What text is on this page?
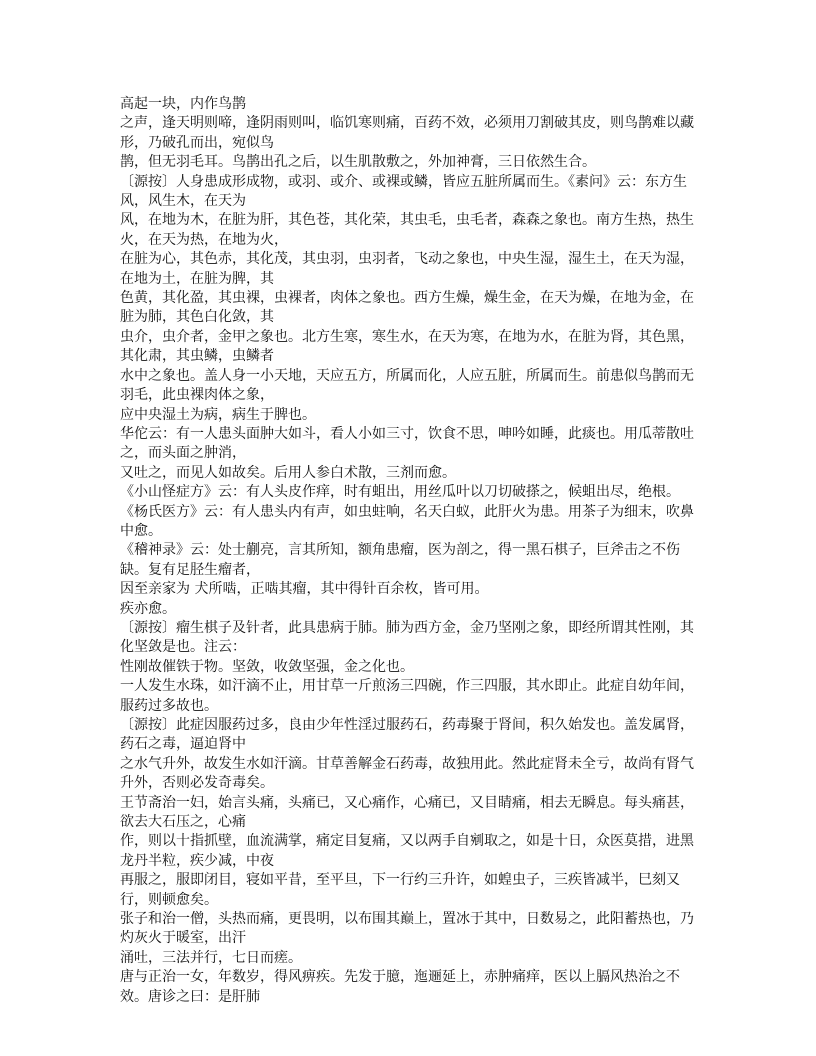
高起一块，内作鸟鹊

之声，逢天明则啼，逢阴雨则叫，临饥寒则痛，百药不效，必须用刀割破其皮，则鸟鹊难以藏形，乃破孔而出，宛似鸟

鹊，但无羽毛耳。鸟鹊出孔之后，以生肌散敷之，外加神膏，三日依然生合。

〔源按〕人身患成形成物，或羽、或介、或裸或鳞，皆应五脏所属而生。《素问》云：东方生风，风生木，在天为

风，在地为木，在脏为肝，其色苍，其化荣，其虫毛，虫毛者，森森之象也。南方生热，热生火，在天为热，在地为火，

在脏为心，其色赤，其化茂，其虫羽，虫羽者，飞动之象也，中央生湿，湿生土，在天为湿，在地为土，在脏为脾，其

色黄，其化盈，其虫裸，虫裸者，肉体之象也。西方生燥，燥生金，在天为燥，在地为金，在脏为肺，其色白化敛，其

虫介，虫介者，金甲之象也。北方生寒，寒生水，在天为寒，在地为水，在脏为肾，其色黑，其化肃，其虫鳞，虫鳞者

水中之象也。盖人身一小天地，天应五方，所属而化，人应五脏，所属而生。前患似鸟鹊而无羽毛，此虫裸肉体之象，

应中央湿土为病，病生于脾也。

华佗云：有一人患头面肿大如斗，看人小如三寸，饮食不思，呻吟如睡，此痰也。用瓜蒂散吐之，而头面之肿消，

又吐之，而见人如故矣。后用人参白术散，三剂而愈。

《小山怪症方》云：有人头皮作痒，时有蛆出，用丝瓜叶以刀切破搽之，候蛆出尽，绝根。

《杨氏医方》云：有人患头内有声，如虫蛀响，名天白蚁，此肝火为患。用茶子为细末，吹鼻中愈。

《稽神录》云：处士蒯亮，言其所知，额角患瘤，医为剖之，得一黑石棋子，巨斧击之不伤缺。复有足胫生瘤者，

因至亲家为 犬所啮，正啮其瘤，其中得针百余枚，皆可用。

疾亦愈。

〔源按〕瘤生棋子及针者，此具患病于肺。肺为西方金，金乃坚刚之象，即经所谓其性刚，其化坚敛是也。注云：

性刚故催铁于物。坚敛，收敛坚强，金之化也。

一人发生水珠，如汗滴不止，用甘草一斤煎汤三四碗，作三四服，其水即止。此症自幼年间，服药过多故也。

〔源按〕此症因服药过多，良由少年性淫过服药石，药毒聚于肾间，积久始发也。盖发属肾，药石之毒，逼迫肾中

之水气升外，故发生水如汗滴。甘草善解金石药毒，故独用此。然此症肾未全亏，故尚有肾气升外，否则必发奇毒矣。

王节斋治一妇，始言头痛，头痛已，又心痛作，心痛已，又目睛痛，相去无瞬息。每头痛甚，欲去大石压之，心痛

作，则以十指抓壁，血流满掌，痛定目复痛，又以两手自剜取之，如是十日，众医莫措，进黑龙丹半粒，疾少减，中夜

再服之，服即闭目，寝如平昔，至平旦，下一行约三升许，如蝗虫子，三疾皆减半，巳刻又行，则顿愈矣。

张子和治一僧，头热而痛，更畏明，以布围其巅上，置冰于其中，日数易之，此阳蓄热也，乃灼灰火于暖室，出汗

涌吐，三法并行，七日而瘥。

唐与正治一女，年数岁，得风痹疾。先发于臆，迤逦延上，赤肿痛痒，医以上膈风热治之不效。唐诊之曰：是肝肺
